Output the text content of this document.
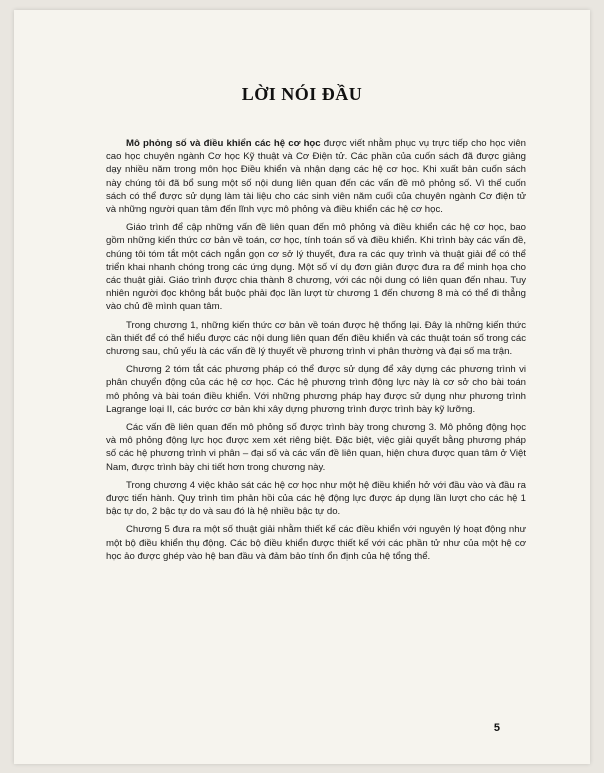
LỜI NÓI ĐẦU

Mô phỏng số và điều khiển các hệ cơ học được viết nhằm phục vụ trực tiếp cho học viên cao học chuyên ngành Cơ học Kỹ thuật và Cơ Điện tử. Các phần của cuốn sách đã được giảng dạy nhiều năm trong môn học Điều khiển và nhận dạng các hệ cơ học. Khi xuất bản cuốn sách này chúng tôi đã bổ sung một số nội dung liên quan đến các vấn đề mô phỏng số. Vì thế cuốn sách có thể được sử dụng làm tài liệu cho các sinh viên năm cuối của chuyên ngành Cơ điện tử và những người quan tâm đến lĩnh vực mô phỏng và điều khiển các hệ cơ học.

Giáo trình để cập những vấn đề liên quan đến mô phỏng và điều khiển các hệ cơ học, bao gồm những kiến thức cơ bản về toán, cơ học, tính toán số và điều khiển. Khi trình bày các vấn đề, chúng tôi tóm tắt một cách ngắn gọn cơ sở lý thuyết, đưa ra các quy trình và thuật giải để có thể triển khai nhanh chóng trong các ứng dụng. Một số ví dụ đơn giản được đưa ra để minh họa cho các thuật giải. Giáo trình được chia thành 8 chương, với các nội dung có liên quan đến nhau. Tuy nhiên người đọc không bắt buộc phải đọc lần lượt từ chương 1 đến chương 8 mà có thể đi thẳng vào chủ đề mình quan tâm.

Trong chương 1, những kiến thức cơ bản về toán được hệ thống lại. Đây là những kiến thức cần thiết để có thể hiểu được các nội dung liên quan đến điều khiển và các thuật toán số trong các chương sau, chủ yếu là các vấn đề lý thuyết về phương trình vi phân thường và đại số ma trận.

Chương 2 tóm tắt các phương pháp có thể được sử dụng để xây dựng các phương trình vi phân chuyển động của các hệ cơ học. Các hệ phương trình động lực này là cơ sở cho bài toán mô phỏng và bài toán điều khiển. Với những phương pháp hay được sử dụng như phương trình Lagrange loại II, các bước cơ bản khi xây dựng phương trình được trình bày kỹ lưỡng.

Các vấn đề liên quan đến mô phỏng số được trình bày trong chương 3. Mô phỏng động học và mô phỏng động lực học được xem xét riêng biệt. Đặc biệt, việc giải quyết bằng phương pháp số các hệ phương trình vi phân – đại số và các vấn đề liên quan, hiện chưa được quan tâm ở Việt Nam, được trình bày chi tiết hơn trong chương này.

Trong chương 4 việc khảo sát các hệ cơ học như một hệ điều khiển hở với đầu vào và đầu ra được tiến hành. Quy trình tìm phản hồi của các hệ động lực được áp dụng lần lượt cho các hệ 1 bậc tự do, 2 bậc tự do và sau đó là hệ nhiều bậc tự do.

Chương 5 đưa ra một số thuật giải nhằm thiết kế các điều khiển với nguyên lý hoạt động như một bộ điều khiển thụ động. Các bộ điều khiển được thiết kế với các phần tử như của một hệ cơ học ảo được ghép vào hệ ban đầu và đảm bảo tính ổn định của hệ tổng thể.

5
